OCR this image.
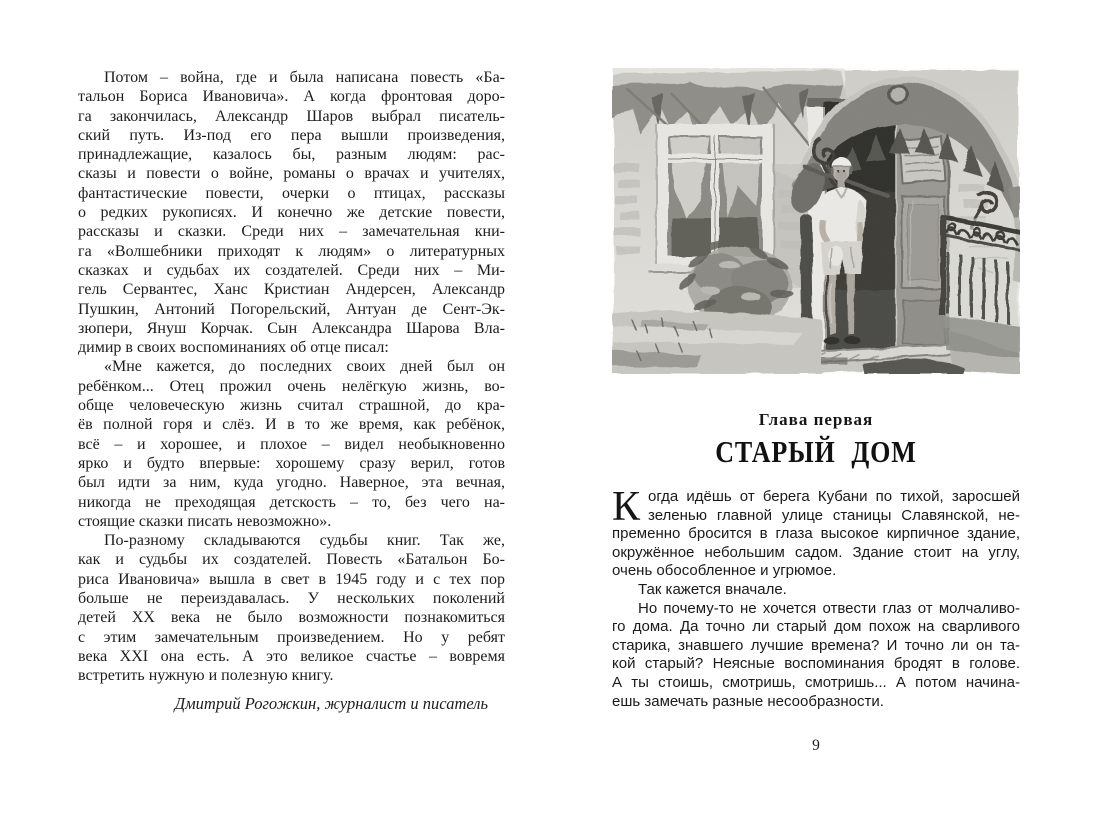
Потом – война, где и была написана повесть «Ба-
тальон Бориса Ивановича». А когда фронтовая доро-
га закончилась, Александр Шаров выбрал писатель-
ский путь. Из-под его пера вышли произведения,
принадлежащие, казалось бы, разным людям: рас-
сказы и повести о войне, романы о врачах и учителях,
фантастические повести, очерки о птицах, рассказы
о редких рукописях. И конечно же детские повести,
рассказы и сказки. Среди них – замечательная кни-
га «Волшебники приходят к людям» о литературных
сказках и судьбах их создателей. Среди них – Ми-
гель Сервантес, Ханс Кристиан Андерсен, Александр
Пушкин, Антоний Погорельский, Антуан де Сент-Эк-
зюпери, Януш Корчак. Сын Александра Шарова Вла-
димир в своих воспоминаниях об отце писал:
«Мне кажется, до последних своих дней был он
ребёнком... Отец прожил очень нелёгкую жизнь, во-
обще человеческую жизнь считал страшной, до кра-
ёв полной горя и слёз. И в то же время, как ребёнок,
всё – и хорошее, и плохое – видел необыкновенно
ярко и будто впервые: хорошему сразу верил, готов
был идти за ним, куда угодно. Наверное, эта вечная,
никогда не преходящая детскость – то, без чего на-
стоящие сказки писать невозможно».
По-разному складываются судьбы книг. Так же,
как и судьбы их создателей. Повесть «Батальон Бо-
риса Ивановича» вышла в свет в 1945 году и с тех пор
больше не переиздавалась. У нескольких поколений
детей XX века не было возможности познакомиться
с этим замечательным произведением. Но у ребят
века XXI она есть. А это великое счастье – вовремя
встретить нужную и полезную книгу.
Дмитрий Рогожкин, журналист и писатель
Глава первая
СТАРЫЙ ДОМ
К огда идёшь от берега Кубани по тихой, заросшей
зеленью главной улице станицы Славянской, не-
пременно бросится в глаза высокое кирпичное здание,
окружённое небольшим садом. Здание стоит на углу,
очень обособленное и угрюмое.
Так кажется вначале.
Но почему-то не хочется отвести глаз от молчаливо-
го дома. Да точно ли старый дом похож на сварливого
старика, знавшего лучшие времена? И точно ли он та-
кой старый? Неясные воспоминания бродят в голове.
А ты стоишь, смотришь, смотришь... А потом начина-
ешь замечать разные несообразности.
9
